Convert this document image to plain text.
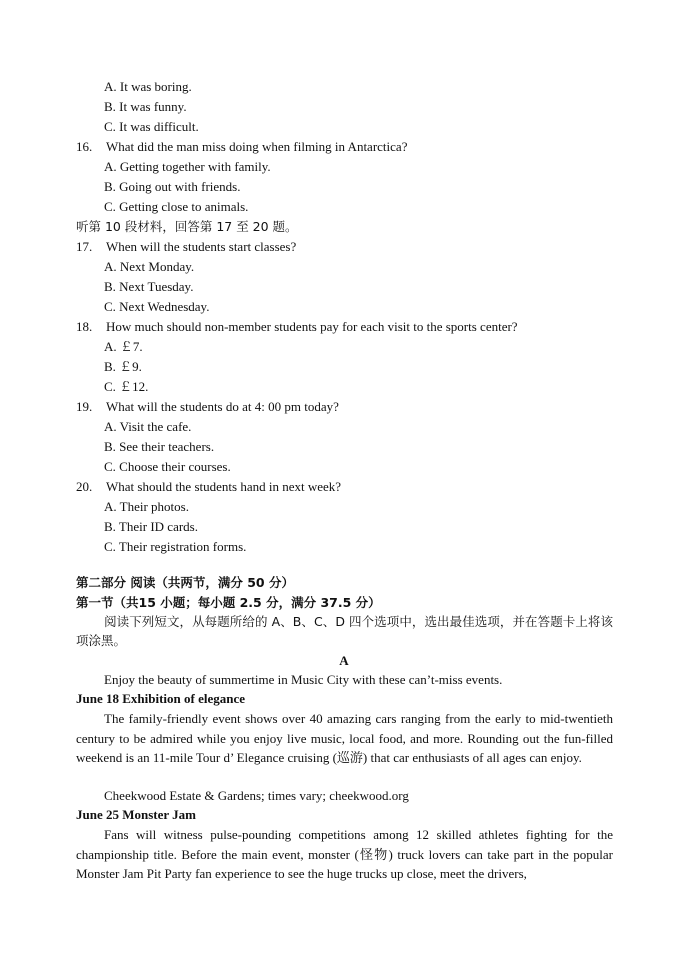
A. It was boring.
B. It was funny.
C. It was difficult.
16.	What did the man miss doing when filming in Antarctica?
A. Getting together with family.
B. Going out with friends.
C. Getting close to animals.
听第 10 段材料，回答第 17 至 20 题。
17.	When will the students start classes?
A. Next Monday.
B. Next Tuesday.
C. Next Wednesday.
18.	How much should non-member students pay for each visit to the sports center?
A. ￡7.
B. ￡9.
C. ￡12.
19.	What will the students do at 4: 00 pm today?
A. Visit the cafe.
B. See their teachers.
C. Choose their courses.
20.	What should the students hand in next week?
A. Their photos.
B. Their ID cards.
C. Their registration forms.
第二部分 阅读（共两节，满分 50 分）
第一节（共15 小题；每小题 2.5 分，满分 37.5 分）
阅读下列短文，从每题所给的 A、B、C、D 四个选项中，选出最佳选项，并在答题卡上将该项涂黑。
A
Enjoy the beauty of summertime in Music City with these can’t-miss events.
June 18 Exhibition of elegance
The family-friendly event shows over 40 amazing cars ranging from the early to mid-twentieth century to be admired while you enjoy live music, local food, and more. Rounding out the fun-filled weekend is an 11-mile Tour d’ Elegance cruising (巡游) that car enthusiasts of all ages can enjoy.
Cheekwood Estate & Gardens; times vary; cheekwood.org
June 25 Monster Jam
Fans will witness pulse-pounding competitions among 12 skilled athletes fighting for the championship title. Before the main event, monster (怪物) truck lovers can take part in the popular Monster Jam Pit Party fan experience to see the huge trucks up close, meet the drivers,
